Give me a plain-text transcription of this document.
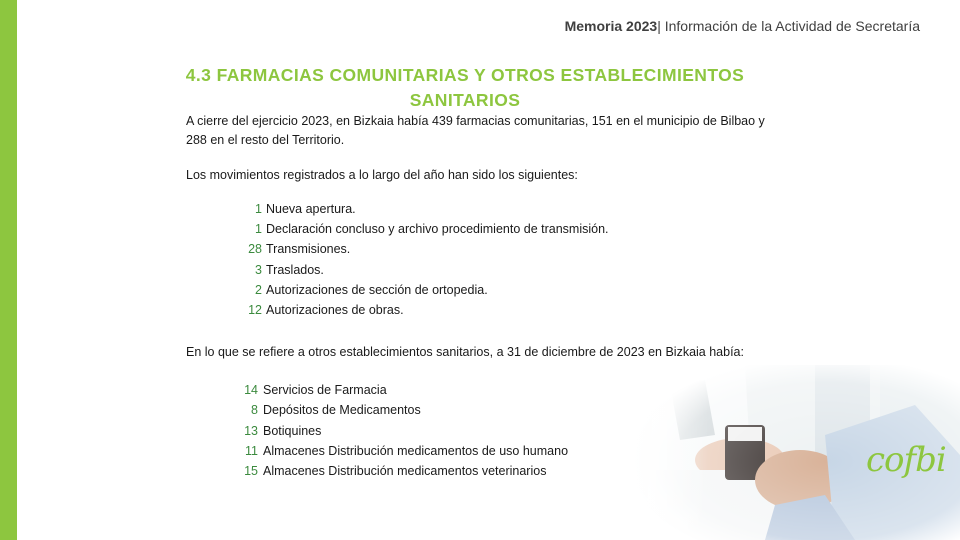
Memoria 2023| Información de la Actividad de Secretaría
4.3 FARMACIAS COMUNITARIAS Y OTROS ESTABLECIMIENTOS
SANITARIOS
A cierre del ejercicio 2023, en Bizkaia había 439 farmacias comunitarias, 151 en el municipio de Bilbao y
288 en el resto del Territorio.
Los movimientos registrados a lo largo del año han sido los siguientes:
1 Nueva apertura.
1 Declaración concluso y archivo procedimiento de transmisión.
28 Transmisiones.
3 Traslados.
2 Autorizaciones de sección de ortopedia.
12 Autorizaciones de obras.
En lo que se refiere a otros establecimientos sanitarios, a 31 de diciembre de 2023 en Bizkaia había:
14 Servicios de Farmacia
8 Depósitos de Medicamentos
13 Botiquines
11 Almacenes Distribución medicamentos de uso humano
15 Almacenes Distribución medicamentos veterinarios	cofbi
